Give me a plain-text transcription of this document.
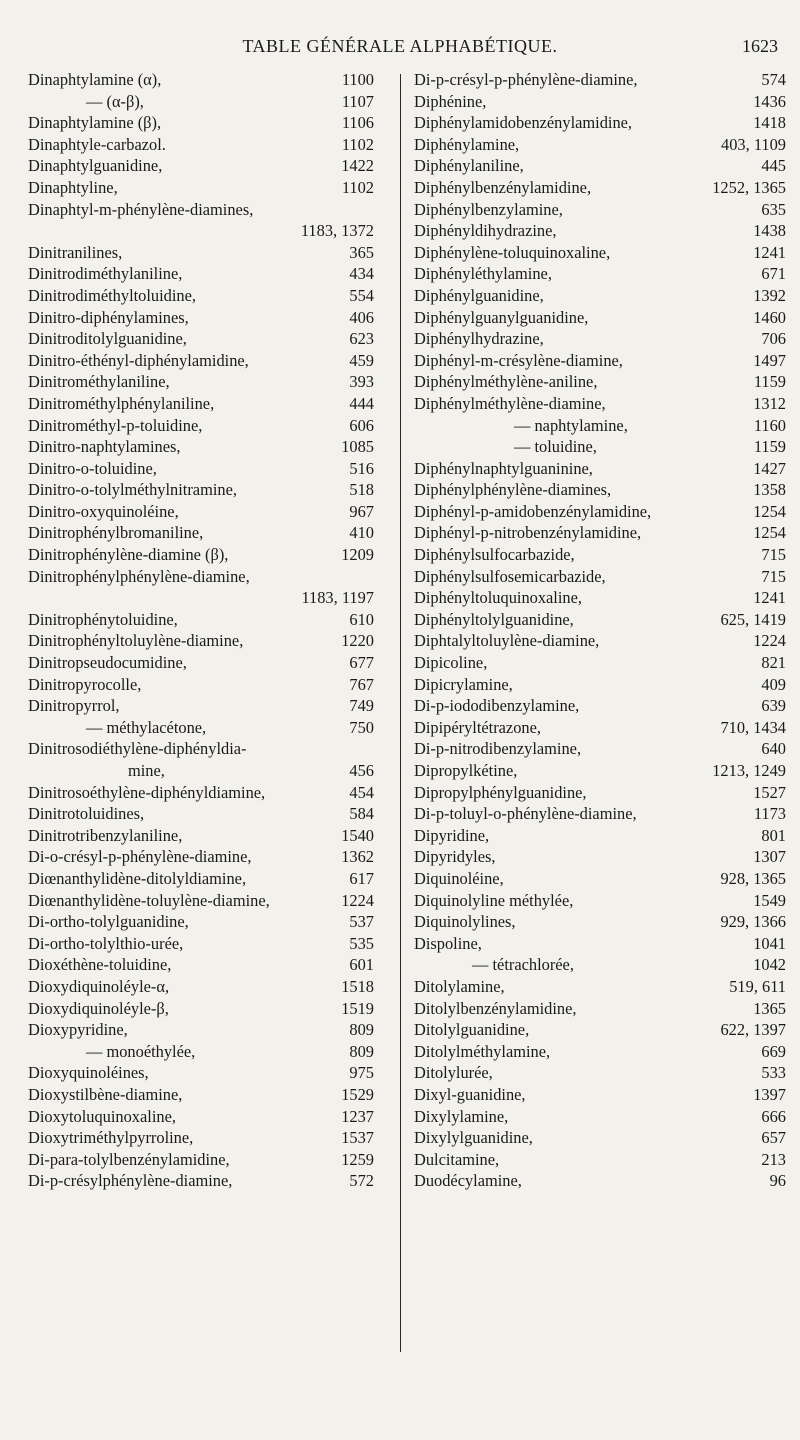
TABLE GÉNÉRALE ALPHABÉTIQUE.	1623
Dinaphtylamine (α),	1100
— (α-β),	1107
Dinaphtylamine (β),	1106
Dinaphtyle-carbazol.	1102
Dinaphtylguanidine,	1422
Dinaphtyline,	1102
Dinaphtyl-m-phénylène-diamines,
1183, 1372
Dinitranilines,	365
Dinitrodiméthylaniline,	434
Dinitrodiméthyltoluidine,	554
Dinitro-diphénylamines,	406
Dinitroditolylguanidine,	623
Dinitro-éthényl-diphénylamidine,	459
Dinitrométhylaniline,	393
Dinitrométhylphénylaniline,	444
Dinitrométhyl-p-toluidine,	606
Dinitro-naphtylamines,	1085
Dinitro-o-toluidine,	516
Dinitro-o-tolylméthylnitramine,	518
Dinitro-oxyquinoléine,	967
Dinitrophénylbromaniline,	410
Dinitrophénylène-diamine (β),	1209
Dinitrophénylphénylène-diamine,
1183, 1197
Dinitrophénytoluidine,	610
Dinitrophényltoluylène-diamine,	1220
Dinitropseudocumidine,	677
Dinitropyrocolle,	767
Dinitropyrrol,	749
— méthylacétone,	750
Dinitrosodiéthylène-diphényldia-
mine,	456
Dinitrosoéthylène-diphényldiamine,	454
Dinitrotoluidines,	584
Dinitrotribenzylaniline,	1540
Di-o-crésyl-p-phénylène-diamine,	1362
Diœnanthylidène-ditolyldiamine,	617
Diœnanthylidène-toluylène-diamine,	1224
Di-ortho-tolylguanidine,	537
Di-ortho-tolylthio-urée,	535
Dioxéthène-toluidine,	601
Dioxydiquinoléyle-α,	1518
Dioxydiquinoléyle-β,	1519
Dioxypyridine,	809
— monoéthylée,	809
Dioxyquinoléines,	975
Dioxystilbène-diamine,	1529
Dioxytoluquinoxaline,	1237
Dioxytriméthylpyrroline,	1537
Di-para-tolylbenzénylamidine,	1259
Di-p-crésylphénylène-diamine,	572
Di-p-crésyl-p-phénylène-diamine,	574
Diphénine,	1436
Diphénylamidobenzénylamidine,	1418
Diphénylamine,	403, 1109
Diphénylaniline,	445
Diphénylbenzénylamidine,	1252, 1365
Diphénylbenzylamine,	635
Diphényldihydrazine,	1438
Diphénylène-toluquinoxaline,	1241
Diphényléthylamine,	671
Diphénylguanidine,	1392
Diphénylguanylguanidine,	1460
Diphénylhydrazine,	706
Diphényl-m-crésylène-diamine,	1497
Diphénylméthylène-aniline,	1159
Diphénylméthylène-diamine,	1312
— naphtylamine,	1160
— toluidine,	1159
Diphénylnaphtylguaninine,	1427
Diphénylphénylène-diamines,	1358
Diphényl-p-amidobenzénylamidine,	1254
Diphényl-p-nitrobenzénylamidine,	1254
Diphénylsulfocarbazide,	715
Diphénylsulfosemicarbazide,	715
Diphényltoluquinoxaline,	1241
Diphényltolylguanidine,	625, 1419
Diphtalyltoluylène-diamine,	1224
Dipicoline,	821
Dipicrylamine,	409
Di-p-iododibenzylamine,	639
Dipipéryltétrazone,	710, 1434
Di-p-nitrodibenzylamine,	640
Dipropylkétine,	1213, 1249
Dipropylphénylguanidine,	1527
Di-p-toluyl-o-phénylène-diamine,	1173
Dipyridine,	801
Dipyridyles,	1307
Diquinoléine,	928, 1365
Diquinolyline méthylée,	1549
Diquinolylines,	929, 1366
Dispoline,	1041
— tétrachlorée,	1042
Ditolylamine,	519, 611
Ditolylbenzénylamidine,	1365
Ditolylguanidine,	622, 1397
Ditolylméthylamine,	669
Ditolylurée,	533
Dixyl-guanidine,	1397
Dixylylamine,	666
Dixylylguanidine,	657
Dulcitamine,	213
Duodécylamine,	96
